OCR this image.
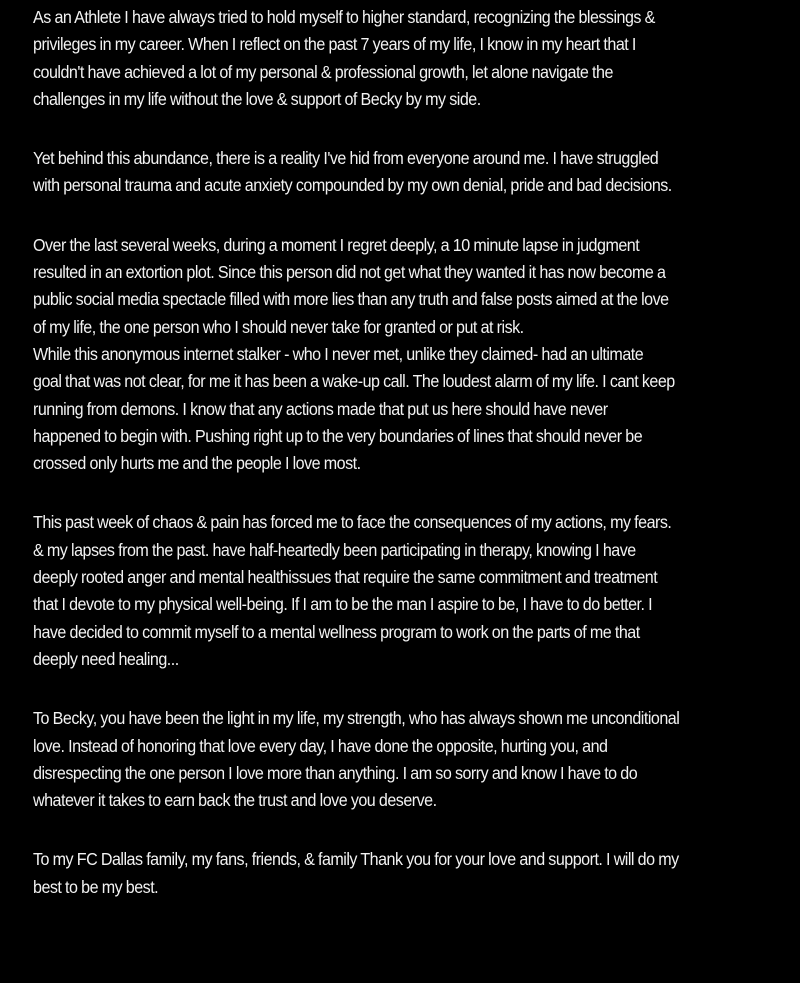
As an Athlete I have always tried to hold myself to higher standard, recognizing the blessings &
privileges in my career. When I reflect on the past 7 years of my life, I know in my heart that I
couldn't have achieved a lot of my personal & professional growth, let alone navigate the
challenges in my life without the love & support of Becky by my side.
Yet behind this abundance, there is a reality I've hid from everyone around me. I have struggled
with personal trauma and acute anxiety compounded by my own denial, pride and bad decisions.
Over the last several weeks, during a moment I regret deeply, a 10 minute lapse in judgment
resulted in an extortion plot. Since this person did not get what they wanted it has now become a
public social media spectacle filled with more lies than any truth and false posts aimed at the love
of my life, the one person who I should never take for granted or put at risk.
While this anonymous internet stalker - who I never met, unlike they claimed- had an ultimate
goal that was not clear, for me it has been a wake-up call. The loudest alarm of my life. I cant keep
running from demons. I know that any actions made that put us here should have never
happened to begin with. Pushing right up to the very boundaries of lines that should never be
crossed only hurts me and the people I love most.
This past week of chaos & pain has forced me to face the consequences of my actions, my fears.
& my lapses from the past. have half-heartedly been participating in therapy, knowing I have
deeply rooted anger and mental healthissues that require the same commitment and treatment
that I devote to my physical well-being. If I am to be the man I aspire to be, I have to do better. I
have decided to commit myself to a mental wellness program to work on the parts of me that
deeply need healing...
To Becky, you have been the light in my life, my strength, who has always shown me unconditional
love. Instead of honoring that love every day, I have done the opposite, hurting you, and
disrespecting the one person I love more than anything. I am so sorry and know I have to do
whatever it takes to earn back the trust and love you deserve.
To my FC Dallas family, my fans, friends, & family Thank you for your love and support. I will do my
best to be my best.
